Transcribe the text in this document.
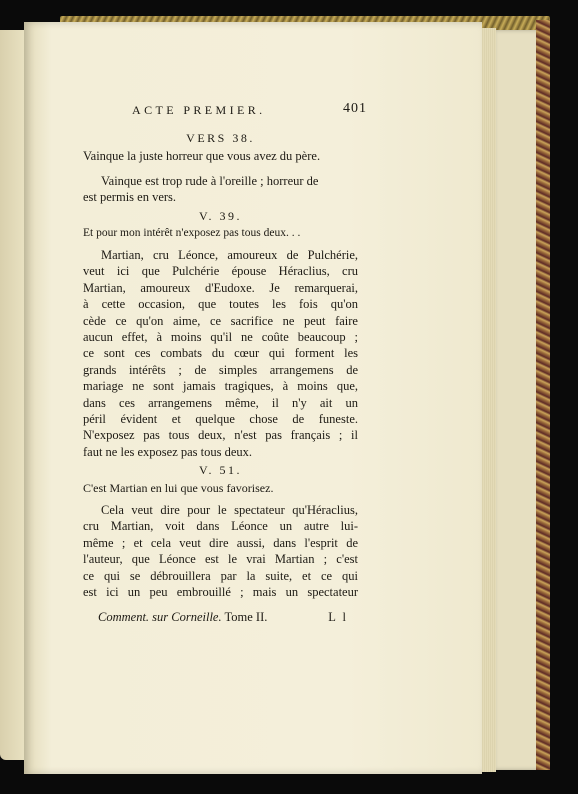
ACTE PREMIER.	401
VERS 38.
Vainque la juste horreur que vous avez du père.
Vainque est trop rude à l'oreille ; horreur de
est permis en vers.
V. 39.
Et pour mon intérêt n'exposez pas tous deux. . .
Martian, cru Léonce, amoureux de Pulchérie,
veut ici que Pulchérie épouse Héraclius, cru
Martian, amoureux d'Eudoxe. Je remarquerai,
à cette occasion, que toutes les fois qu'on
cède ce qu'on aime, ce sacrifice ne peut faire
aucun effet, à moins qu'il ne coûte beaucoup ;
ce sont ces combats du cœur qui forment les
grands intérêts ; de simples arrangemens de
mariage ne sont jamais tragiques, à moins que,
dans ces arrangemens même, il n'y ait un
péril évident et quelque chose de funeste.
N'exposez pas tous deux, n'est pas français ; il
faut ne les exposez pas tous deux.
V. 51.
C'est Martian en lui que vous favorisez.
Cela veut dire pour le spectateur qu'Héraclius,
cru Martian, voit dans Léonce un autre lui-
même ; et cela veut dire aussi, dans l'esprit de
l'auteur, que Léonce est le vrai Martian ; c'est
ce qui se débrouillera par la suite, et ce qui
est ici un peu embrouillé ; mais un spectateur
Comment. sur Corneille. Tome II.	L l
